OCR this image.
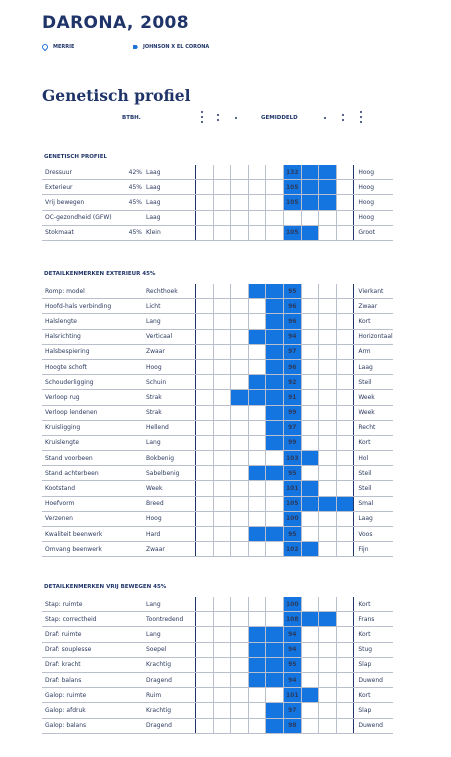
DARONA, 2008
MERRIE	JOHNSON X EL CORONA
Genetisch profiel
BTBH.	GEMIDDELD
GENETISCH PROFIEL
Dressuur	42%	Laag						132				Hoog
Exterieur	45%	Laag						105				Hoog
Vrij bewegen	45%	Laag						105				Hoog
OC-gezondheid (GFW)		Laag										Hoog
Stokmaat	45%	Klein						105				Groot
DETAILKENMERKEN EXTERIEUR 45%
Romp: model		Rechthoek						95				Vierkant
Hoofd-hals verbinding		Licht						96				Zwaar
Halslengte		Lang						96				Kort
Halsrichting		Verticaal						94				Horizontaal
Halsbespiering		Zwaar						97				Arm
Hoogte schoft		Hoog						96				Laag
Schouderligging		Schuin						92				Steil
Verloop rug		Strak						91				Week
Verloop lendenen		Strak						99				Week
Kruisligging		Hellend						97				Recht
Kruislengte		Lang						99				Kort
Stand voorbeen		Bokbenig						103				Hol
Stand achterbeen		Sabelbenig						95				Steil
Kootstand		Week						101				Steil
Hoefvorm		Breed						105				Smal
Verzenen		Hoog						100				Laag
Kwaliteit beenwerk		Hard						95				Voos
Omvang beenwerk		Zwaar						102				Fijn
DETAILKENMERKEN VRIJ BEWEGEN 45%
Stap: ruimte		Lang						100				Kort
Stap: correctheid		Toontredend						108				Frans
Draf: ruimte		Lang						94				Kort
Draf: souplesse		Soepel						94				Stug
Draf: kracht		Krachtig						95				Slap
Draf: balans		Dragend						94				Duwend
Galop: ruimte		Ruim						101				Kort
Galop: afdruk		Krachtig						97				Slap
Galop: balans		Dragend						98				Duwend
